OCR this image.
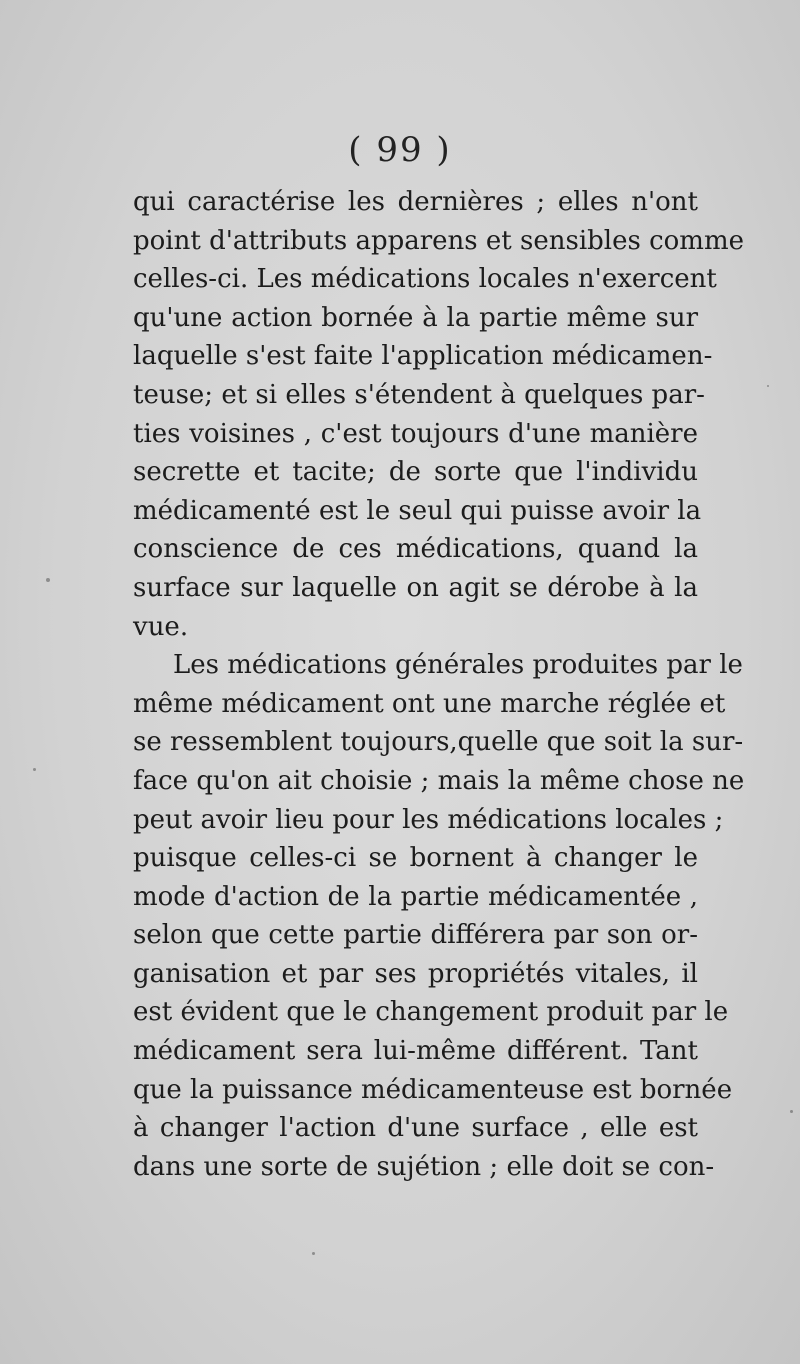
( 99 )
qui caractérise les dernières ; elles n'ont
point d'attributs apparens et sensibles comme
celles-ci. Les médications locales n'exercent
qu'une action bornée à la partie même sur
laquelle s'est faite l'application médicamen-
teuse; et si elles s'étendent à quelques par-
ties voisines , c'est toujours d'une manière
secrette et tacite; de sorte que l'individu
médicamenté est le seul qui puisse avoir la
conscience de ces médications, quand la
surface sur laquelle on agit se dérobe à la
vue.
Les médications générales produites par le
même médicament ont une marche réglée et
se ressemblent toujours,quelle que soit la sur-
face qu'on ait choisie ; mais la même chose ne
peut avoir lieu pour les médications locales ;
puisque celles-ci se bornent à changer le
mode d'action de la partie médicamentée ,
selon que cette partie différera par son or-
ganisation et par ses propriétés vitales, il
est évident que le changement produit par le
médicament sera lui-même différent. Tant
que la puissance médicamenteuse est bornée
à changer l'action d'une surface , elle est
dans une sorte de sujétion ; elle doit se con-
